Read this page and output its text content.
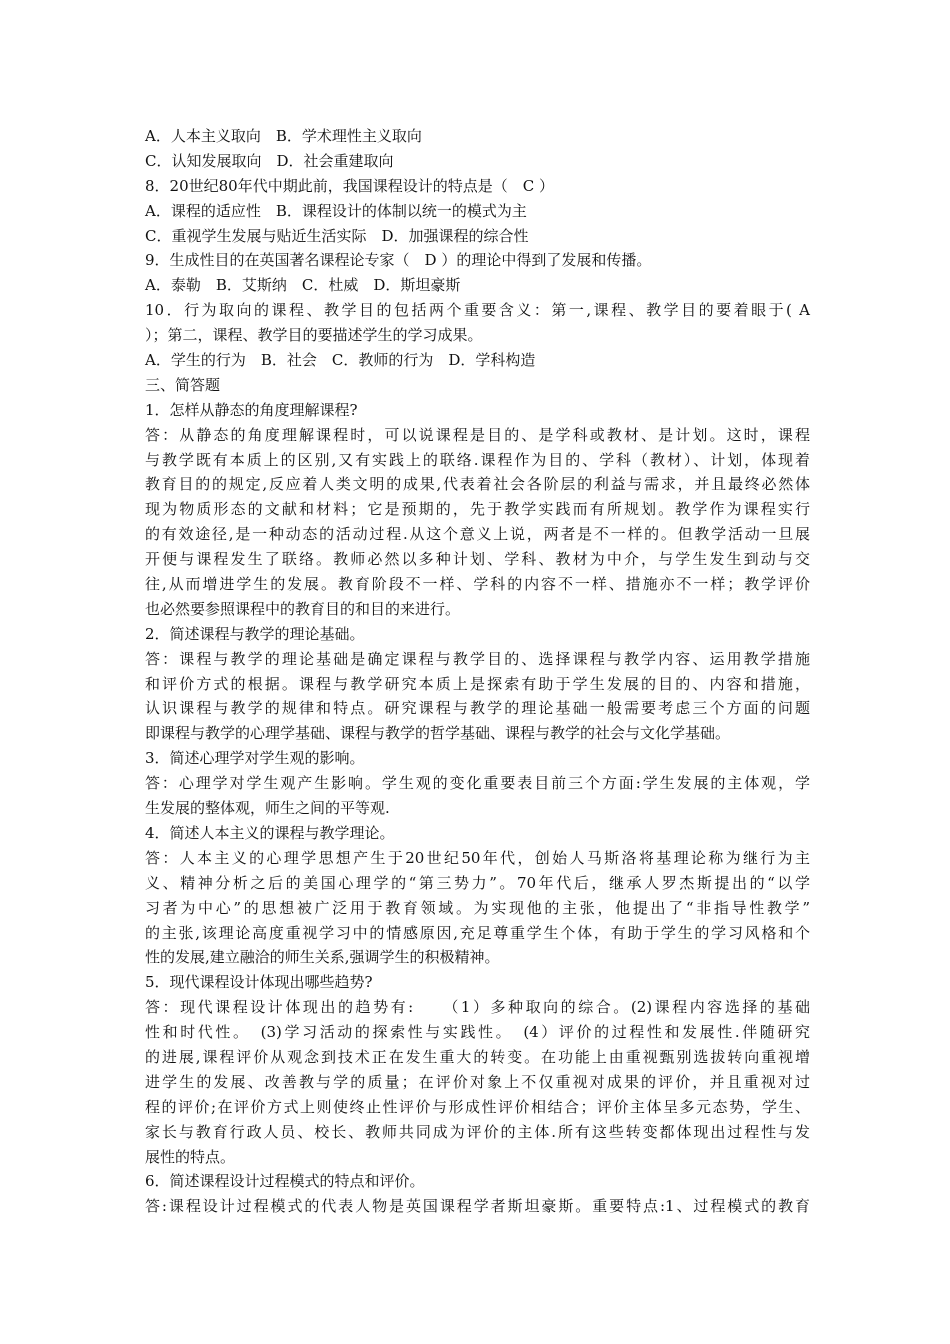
A．人本主义取向　B．学术理性主义取向
C．认知发展取向　D．社会重建取向
8．20世纪80年代中期此前，我国课程设计的特点是（　C ）
A．课程的适应性　B．课程设计的体制以统一的模式为主
C．重视学生发展与贴近生活实际　D．加强课程的综合性
9．生成性目的在英国著名课程论专家（　D ）的理论中得到了发展和传播。
A．泰勒　B．艾斯纳　C．杜威　D．斯坦豪斯
10．行为取向的课程、教学目的包括两个重要含义：第一,课程、教学目的要着眼于( A
）；第二，课程、教学目的要描述学生的学习成果。
A．学生的行为　B．社会　C．教师的行为　D．学科构造
三、简答题
1．怎样从静态的角度理解课程?
答：从静态的角度理解课程时，可以说课程是目的、是学科或教材、是计划。这时，课程
与教学既有本质上的区别,又有实践上的联络.课程作为目的、学科（教材）、计划，体现着
教育目的的规定,反应着人类文明的成果,代表着社会各阶层的利益与需求，并且最终必然体
现为物质形态的文献和材料；它是预期的，先于教学实践而有所规划。教学作为课程实行
的有效途径,是一种动态的活动过程.从这个意义上说，两者是不一样的。但教学活动一旦展
开便与课程发生了联络。教师必然以多种计划、学科、教材为中介，与学生发生到动与交
往,从而增进学生的发展。教育阶段不一样、学科的内容不一样、措施亦不一样；教学评价
也必然要参照课程中的教育目的和目的来进行。
2．简述课程与教学的理论基础。
答：课程与教学的理论基础是确定课程与教学目的、选择课程与教学内容、运用教学措施
和评价方式的根据。课程与教学研究本质上是探索有助于学生发展的目的、内容和措施，
认识课程与教学的规律和特点。研究课程与教学的理论基础一般需要考虑三个方面的问题
即课程与教学的心理学基础、课程与教学的哲学基础、课程与教学的社会与文化学基础。
3．简述心理学对学生观的影响。
答：心理学对学生观产生影响。学生观的变化重要表目前三个方面:学生发展的主体观，学
生发展的整体观，师生之间的平等观.
4．简述人本主义的课程与教学理论。
答：人本主义的心理学思想产生于20世纪50年代，创始人马斯洛将基理论称为继行为主
义、精神分析之后的美国心理学的“第三势力”。70年代后，继承人罗杰斯提出的“以学
习者为中心”的思想被广泛用于教育领域。为实现他的主张，他提出了“非指导性教学”
的主张,该理论高度重视学习中的情感原因,充足尊重学生个体，有助于学生的学习风格和个
性的发展,建立融洽的师生关系,强调学生的积极精神。
5．现代课程设计体现出哪些趋势?
答：现代课程设计体现出的趋势有:　　（1）多种取向的综合。(2)课程内容选择的基础
性和时代性。　(3)学习活动的探索性与实践性。　(4）评价的过程性和发展性.伴随研究
的进展,课程评价从观念到技术正在发生重大的转变。在功能上由重视甄别选拔转向重视增
进学生的发展、改善教与学的质量；在评价对象上不仅重视对成果的评价，并且重视对过
程的评价;在评价方式上则使终止性评价与形成性评价相结合；评价主体呈多元态势，学生、
家长与教育行政人员、校长、教师共同成为评价的主体.所有这些转变都体现出过程性与发
展性的特点。
6．简述课程设计过程模式的特点和评价。
答:课程设计过程模式的代表人物是英国课程学者斯坦豪斯。重要特点:1、过程模式的教育
